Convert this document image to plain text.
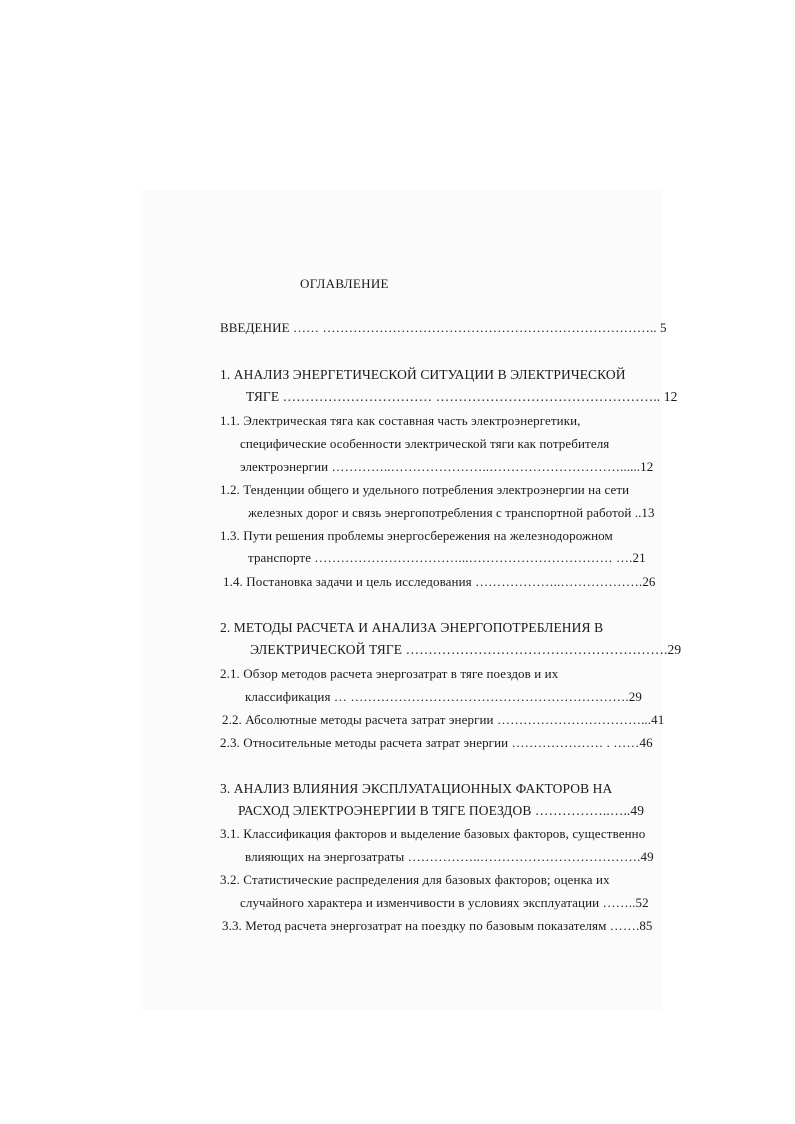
ОГЛАВЛЕНИЕ
ВВЕДЕНИЕ …… ………………………………………………………………….. 5
1. АНАЛИЗ ЭНЕРГЕТИЧЕСКОЙ СИТУАЦИИ В ЭЛЕКТРИЧЕСКОЙ
ТЯГЕ …………………………… ………………………………………….. 12
1.1. Электрическая тяга как составная часть электроэнергетики,
специфические особенности электрической тяги как потребителя
электроэнергии …………..…………………..…………………………......12
1.2. Тенденции общего и удельного потребления электроэнергии на сети
железных дорог и связь энергопотребления с транспортной работой ..13
1.3. Пути решения проблемы энергосбережения на железнодорожном
транспорте ……………………………...…………………………… ….21
1.4. Постановка задачи и цель исследования ………………..……………….26
2. МЕТОДЫ РАСЧЕТА И АНАЛИЗА ЭНЕРГОПОТРЕБЛЕНИЯ В
ЭЛЕКТРИЧЕСКОЙ ТЯГЕ ………………………………………………….29
2.1. Обзор методов расчета энергозатрат в тяге поездов и их
классификация … ……………………………………………………….29
2.2. Абсолютные методы расчета затрат энергии ……………………………...41
2.3. Относительные методы расчета затрат энергии ………………… . ……46
3. АНАЛИЗ ВЛИЯНИЯ ЭКСПЛУАТАЦИОННЫХ ФАКТОРОВ НА
РАСХОД ЭЛЕКТРОЭНЕРГИИ В ТЯГЕ ПОЕЗДОВ ……………..…..49
3.1. Классификация факторов и выделение базовых факторов, существенно
влияющих на энергозатраты ……………..……………………………….49
3.2. Статистические распределения для базовых факторов; оценка их
случайного характера и изменчивости в условиях эксплуатации ……..52
3.3. Метод расчета энергозатрат на поездку по базовым показателям …….85
